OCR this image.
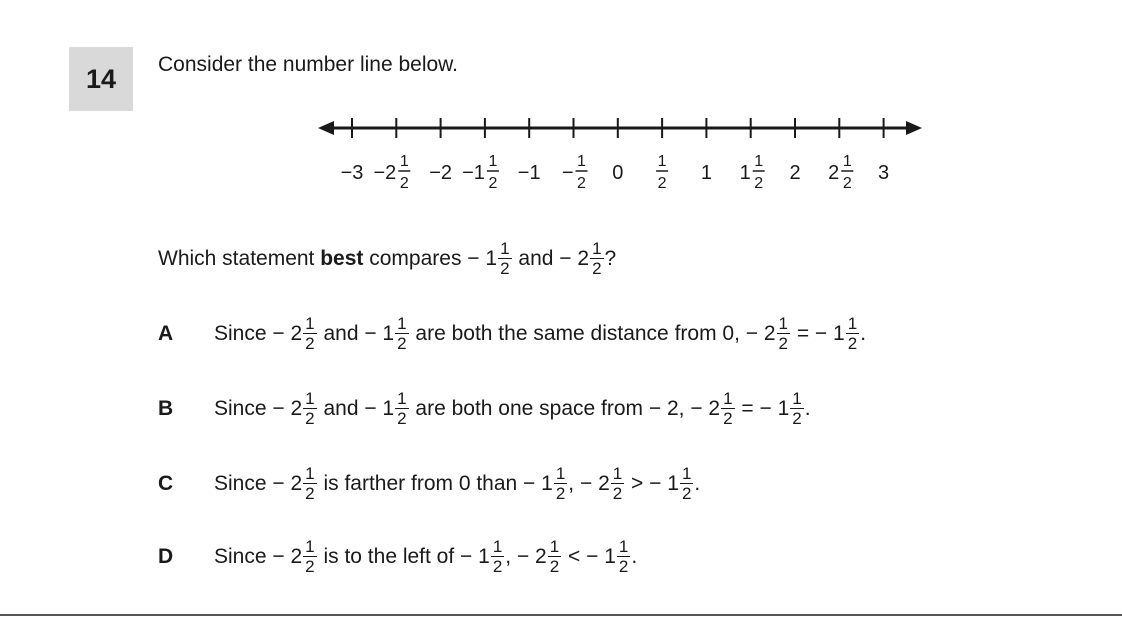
14 Consider the number line below.
−3 −2
1
2 −2 −1
1
2 −1 −
1
2 0
1
2 1 1
1
2 2 2
1
2 3
Which statement best compares − $1 \frac{1}{2}$ and − $2 \frac{1}{2}$ ?
A	Since − $2 \frac{1}{2}$ and − $1 \frac{1}{2}$ are both the same distance from 0, − $2 \frac{1}{2}$ = − $1 \frac{1}{2}$ .
B	Since − $2 \frac{1}{2}$ and − $1 \frac{1}{2}$ are both one space from − 2, − $2 \frac{1}{2}$ = − $1 \frac{1}{2}$ .
C	Since − $2 \frac{1}{2}$ is farther from 0 than − $1 \frac{1}{2}$ , − $2 \frac{1}{2}$ > − $1 \frac{1}{2}$ .
D	Since − $2 \frac{1}{2}$ is to the left of − $1 \frac{1}{2}$ , − $2 \frac{1}{2}$ < − $1 \frac{1}{2}$ .
